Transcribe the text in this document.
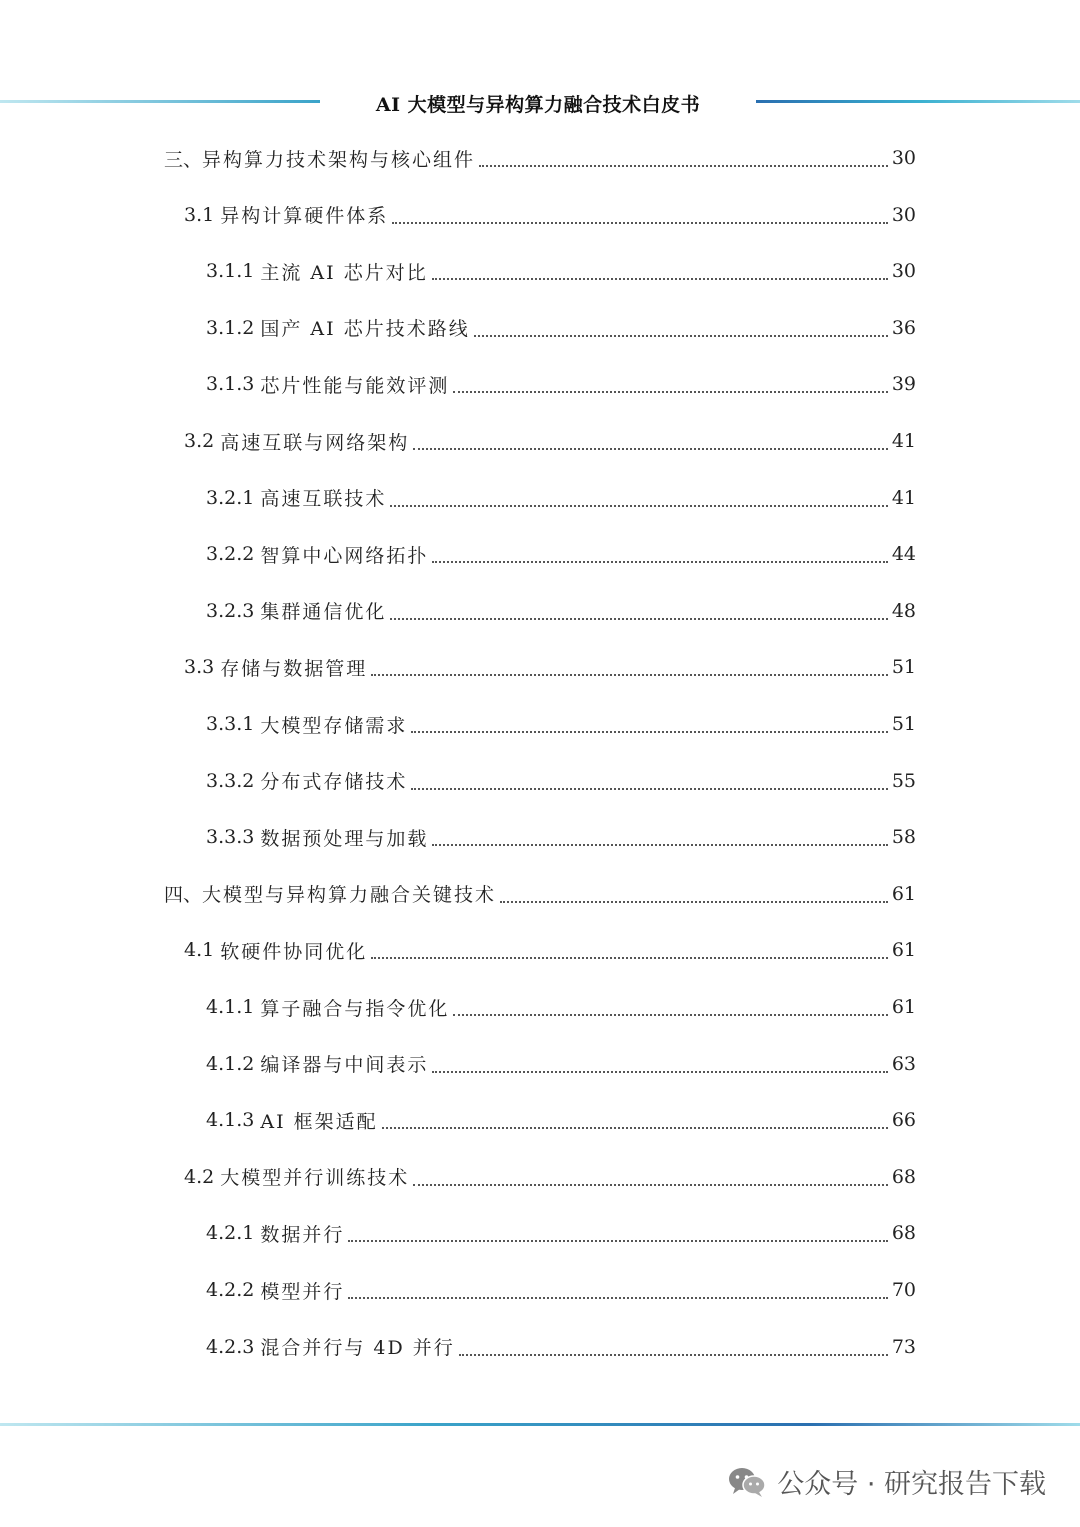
AI 大模型与异构算力融合技术白皮书
三、 异构算力技术架构与核心组件	30
3.1 异构计算硬件体系	30
3.1.1 主流 AI 芯片对比	30
3.1.2 国产 AI 芯片技术路线	36
3.1.3 芯片性能与能效评测	39
3.2 高速互联与网络架构	41
3.2.1 高速互联技术	41
3.2.2 智算中心网络拓扑	44
3.2.3 集群通信优化	48
3.3 存储与数据管理	51
3.3.1 大模型存储需求	51
3.3.2 分布式存储技术	55
3.3.3 数据预处理与加载	58
四、 大模型与异构算力融合关键技术	61
4.1 软硬件协同优化	61
4.1.1 算子融合与指令优化	61
4.1.2 编译器与中间表示	63
4.1.3 AI 框架适配	66
4.2 大模型并行训练技术	68
4.2.1 数据并行	68
4.2.2 模型并行	70
4.2.3 混合并行与 4D 并行	73
公众号 · 研究报告下载
